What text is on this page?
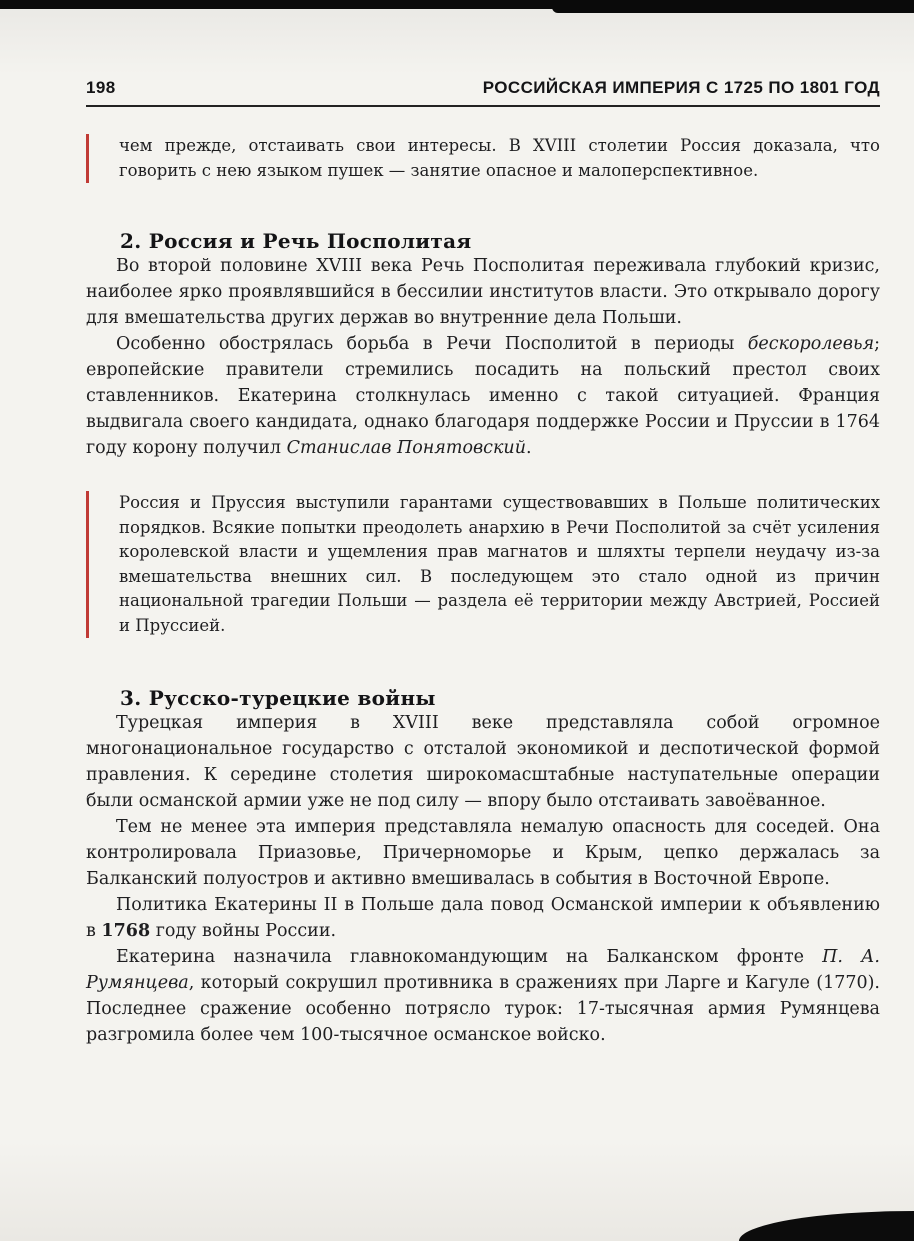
198	РОССИЙСКАЯ ИМПЕРИЯ С 1725 ПО 1801 ГОД

чем прежде, отстаивать свои интересы. В XVIII столетии Россия доказала, что говорить с нею языком пушек — занятие опасное и малоперспективное.

2. Россия и Речь Посполитая

Во второй половине XVIII века Речь Посполитая переживала глубокий кризис, наиболее ярко проявлявшийся в бессилии институтов власти. Это открывало дорогу для вмешательства других держав во внутренние дела Польши.

Особенно обострялась борьба в Речи Посполитой в периоды бескоролевья; европейские правители стремились посадить на польский престол своих ставленников. Екатерина столкнулась именно с такой ситуацией. Франция выдвигала своего кандидата, однако благодаря поддержке России и Пруссии в 1764 году корону получил Станислав Понятовский.

Россия и Пруссия выступили гарантами существовавших в Польше политических порядков. Всякие попытки преодолеть анархию в Речи Посполитой за счёт усиления королевской власти и ущемления прав магнатов и шляхты терпели неудачу из-за вмешательства внешних сил. В последующем это стало одной из причин национальной трагедии Польши — раздела её территории между Австрией, Россией и Пруссией.

3. Русско-турецкие войны

Турецкая империя в XVIII веке представляла собой огромное многонациональное государство с отсталой экономикой и деспотической формой правления. К середине столетия широкомасштабные наступательные операции были османской армии уже не под силу — впору было отстаивать завоёванное.

Тем не менее эта империя представляла немалую опасность для соседей. Она контролировала Приазовье, Причерноморье и Крым, цепко держалась за Балканский полуостров и активно вмешивалась в события в Восточной Европе.

Политика Екатерины II в Польше дала повод Османской империи к объявлению в 1768 году войны России.

Екатерина назначила главнокомандующим на Балканском фронте П. А. Румянцева, который сокрушил противника в сражениях при Ларге и Кагуле (1770). Последнее сражение особенно потрясло турок: 17-тысячная армия Румянцева разгромила более чем 100-тысячное османское войско.
